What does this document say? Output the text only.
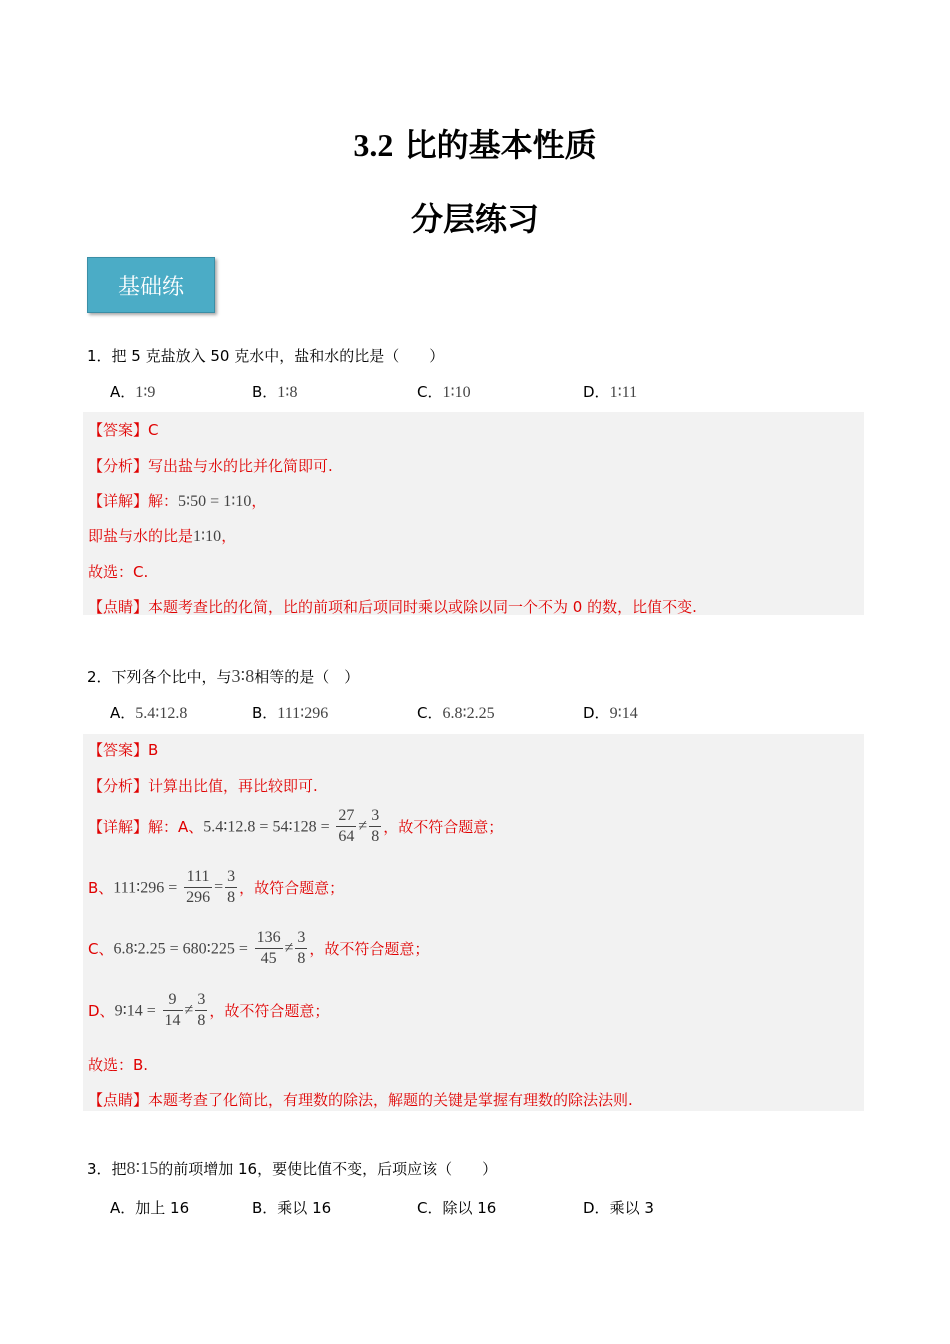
3.2 比的基本性质
分层练习
基础练
1．把 5 克盐放入 50 克水中，盐和水的比是（　　）
A．1∶9	B．1∶8	C．1∶10	D．1∶11
【答案】C
【分析】写出盐与水的比并化简即可.
【详解】解：5∶50 = 1∶10，
即盐与水的比是1∶10，
故选：C.
【点睛】本题考查比的化简，比的前项和后项同时乘以或除以同一个不为 0 的数，比值不变.
2．下列各个比中，与3∶8相等的是（　）
A．5.4∶12.8	B．111∶296	C．6.8∶2.25	D．9∶14
【答案】B
【分析】计算出比值，再比较即可.
【详解】解：A、5.4∶12.8 = 54∶128 = $\frac{27}{64} \ne \frac{3}{8}$ ，故不符合题意；
B、111∶296 = $\frac{111}{296} = \frac{3}{8}$ ，故符合题意；
C、6.8∶2.25 = 680∶225 = $\frac{136}{45} \ne \frac{3}{8}$ ，故不符合题意；
D、9∶14 = $\frac{9}{14} \ne \frac{3}{8}$ ，故不符合题意；
故选：B.
【点睛】本题考查了化简比，有理数的除法，解题的关键是掌握有理数的除法法则.
3．把8∶15的前项增加 16，要使比值不变，后项应该（　　）
A．加上 16	B．乘以 16	C．除以 16	D．乘以 3
